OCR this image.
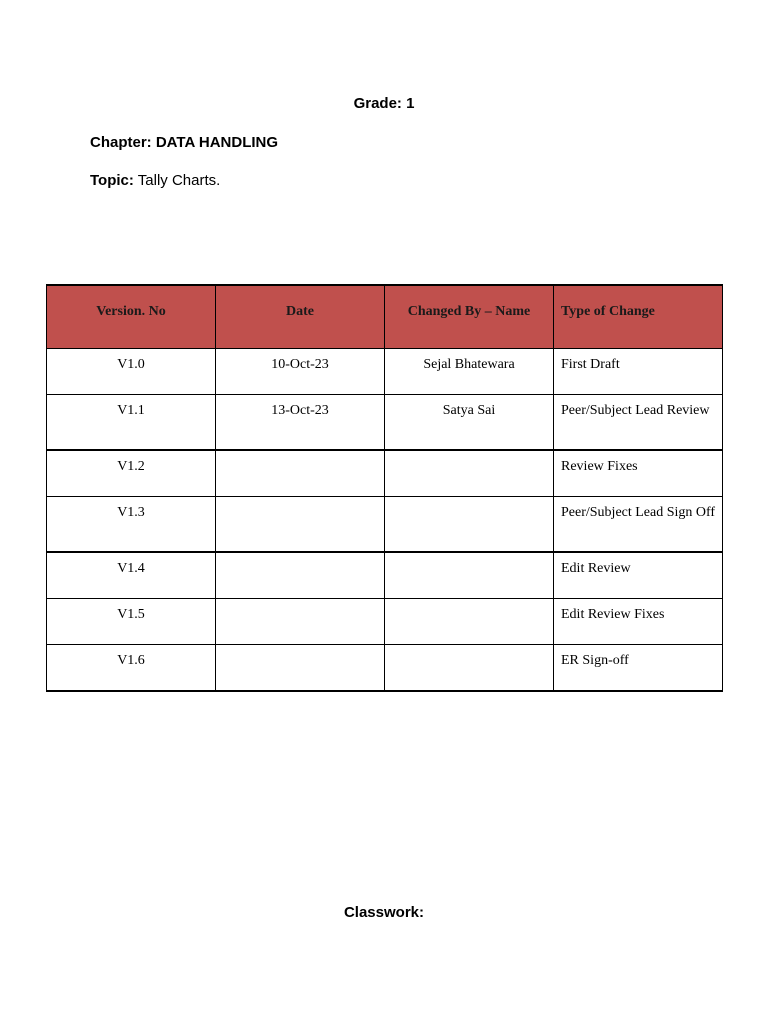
Grade: 1
Chapter: DATA HANDLING
Topic: Tally Charts.
Version. No	Date	Changed By – Name	Type of Change
V1.0	10-Oct-23	Sejal Bhatewara	First Draft
V1.1	13-Oct-23	Satya Sai	Peer/Subject Lead Review
V1.2			Review Fixes
V1.3			Peer/Subject Lead Sign Off
V1.4			Edit Review
V1.5			Edit Review Fixes
V1.6			ER Sign-off
Classwork:
